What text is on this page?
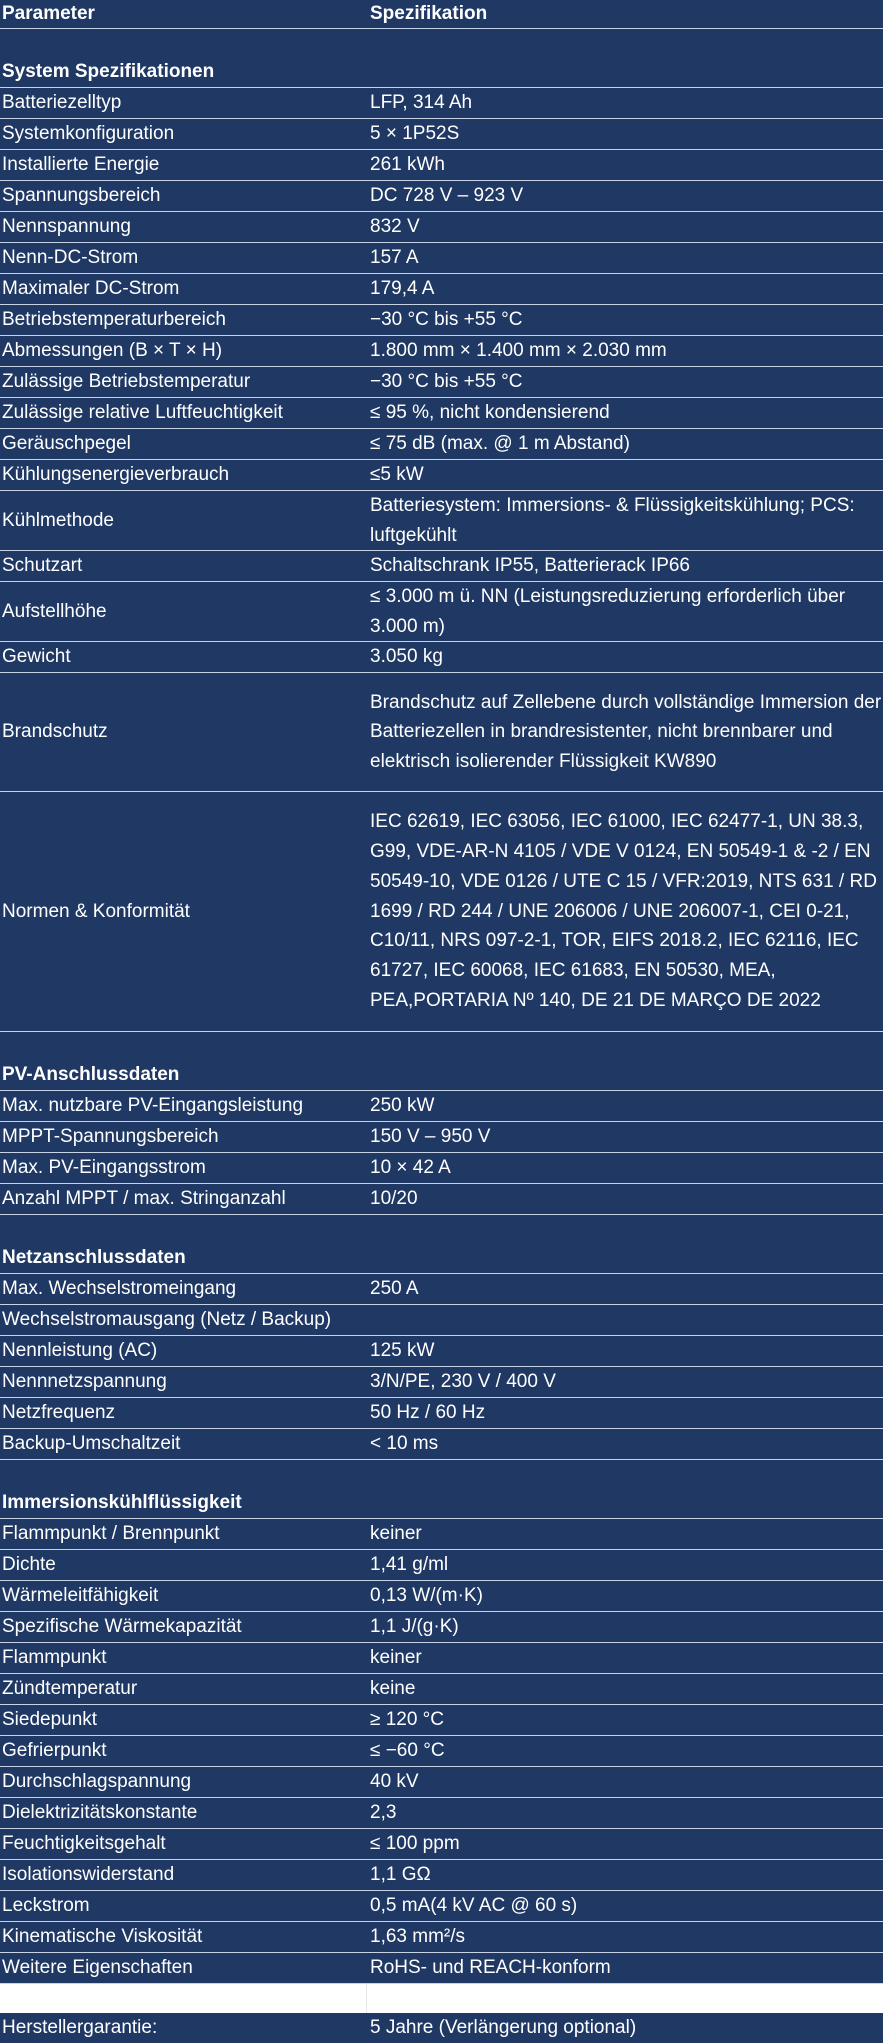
Parameter	Spezifikation

System Spezifikationen	
Batteriezelltyp	LFP, 314 Ah
Systemkonfiguration	5 × 1P52S
Installierte Energie	261 kWh
Spannungsbereich	DC 728 V – 923 V
Nennspannung	832 V
Nenn-DC-Strom	157 A
Maximaler DC-Strom	179,4 A
Betriebstemperaturbereich	−30 °C bis +55 °C
Abmessungen (B × T × H)	1.800 mm × 1.400 mm × 2.030 mm
Zulässige Betriebstemperatur	−30 °C bis +55 °C
Zulässige relative Luftfeuchtigkeit	≤ 95 %, nicht kondensierend
Geräuschpegel	≤ 75 dB (max. @ 1 m Abstand)
Kühlungsenergieverbrauch	≤5 kW
Kühlmethode	Batteriesystem: Immersions- & Flüssigkeitskühlung; PCS: luftgekühlt
Schutzart	Schaltschrank IP55, Batterierack IP66
Aufstellhöhe	≤ 3.000 m ü. NN (Leistungsreduzierung erforderlich über 3.000 m)
Gewicht	3.050 kg
Brandschutz	Brandschutz auf Zellebene durch vollständige Immersion der Batteriezellen in brandresistenter, nicht brennbarer und elektrisch isolierender Flüssigkeit KW890
Normen & Konformität	IEC 62619, IEC 63056, IEC 61000, IEC 62477-1, UN 38.3, G99, VDE-AR-N 4105 / VDE V 0124, EN 50549-1 & -2 / EN 50549-10, VDE 0126 / UTE C 15 / VFR:2019, NTS 631 / RD 1699 / RD 244 / UNE 206006 / UNE 206007-1, CEI 0-21, C10/11, NRS 097-2-1, TOR, EIFS 2018.2, IEC 62116, IEC 61727, IEC 60068, IEC 61683, EN 50530, MEA, PEA,PORTARIA Nº 140, DE 21 DE MARÇO DE 2022

PV-Anschlussdaten	
Max. nutzbare PV-Eingangsleistung	250 kW
MPPT-Spannungsbereich	150 V – 950 V
Max. PV-Eingangsstrom	10 × 42 A
Anzahl MPPT / max. Stringanzahl	10/20

Netzanschlussdaten	
Max. Wechselstromeingang	250 A
Wechselstromausgang (Netz / Backup)	
Nennleistung (AC)	125 kW
Nennnetzspannung	3/N/PE, 230 V / 400 V
Netzfrequenz	50 Hz / 60 Hz
Backup-Umschaltzeit	< 10 ms

Immersionskühlflüssigkeit	
Flammpunkt / Brennpunkt	keiner
Dichte	1,41 g/ml
Wärmeleitfähigkeit	0,13 W/(m·K)
Spezifische Wärmekapazität	1,1 J/(g·K)
Flammpunkt	keiner
Zündtemperatur	keine
Siedepunkt	≥ 120 °C
Gefrierpunkt	≤ −60 °C
Durchschlagspannung	40 kV
Dielektrizitätskonstante	2,3
Feuchtigkeitsgehalt	≤ 100 ppm
Isolationswiderstand	1,1 GΩ
Leckstrom	0,5 mA(4 kV AC @ 60 s)
Kinematische Viskosität	1,63 mm²/s
Weitere Eigenschaften	RoHS- und REACH-konform

Herstellergarantie:	5 Jahre (Verlängerung optional)
